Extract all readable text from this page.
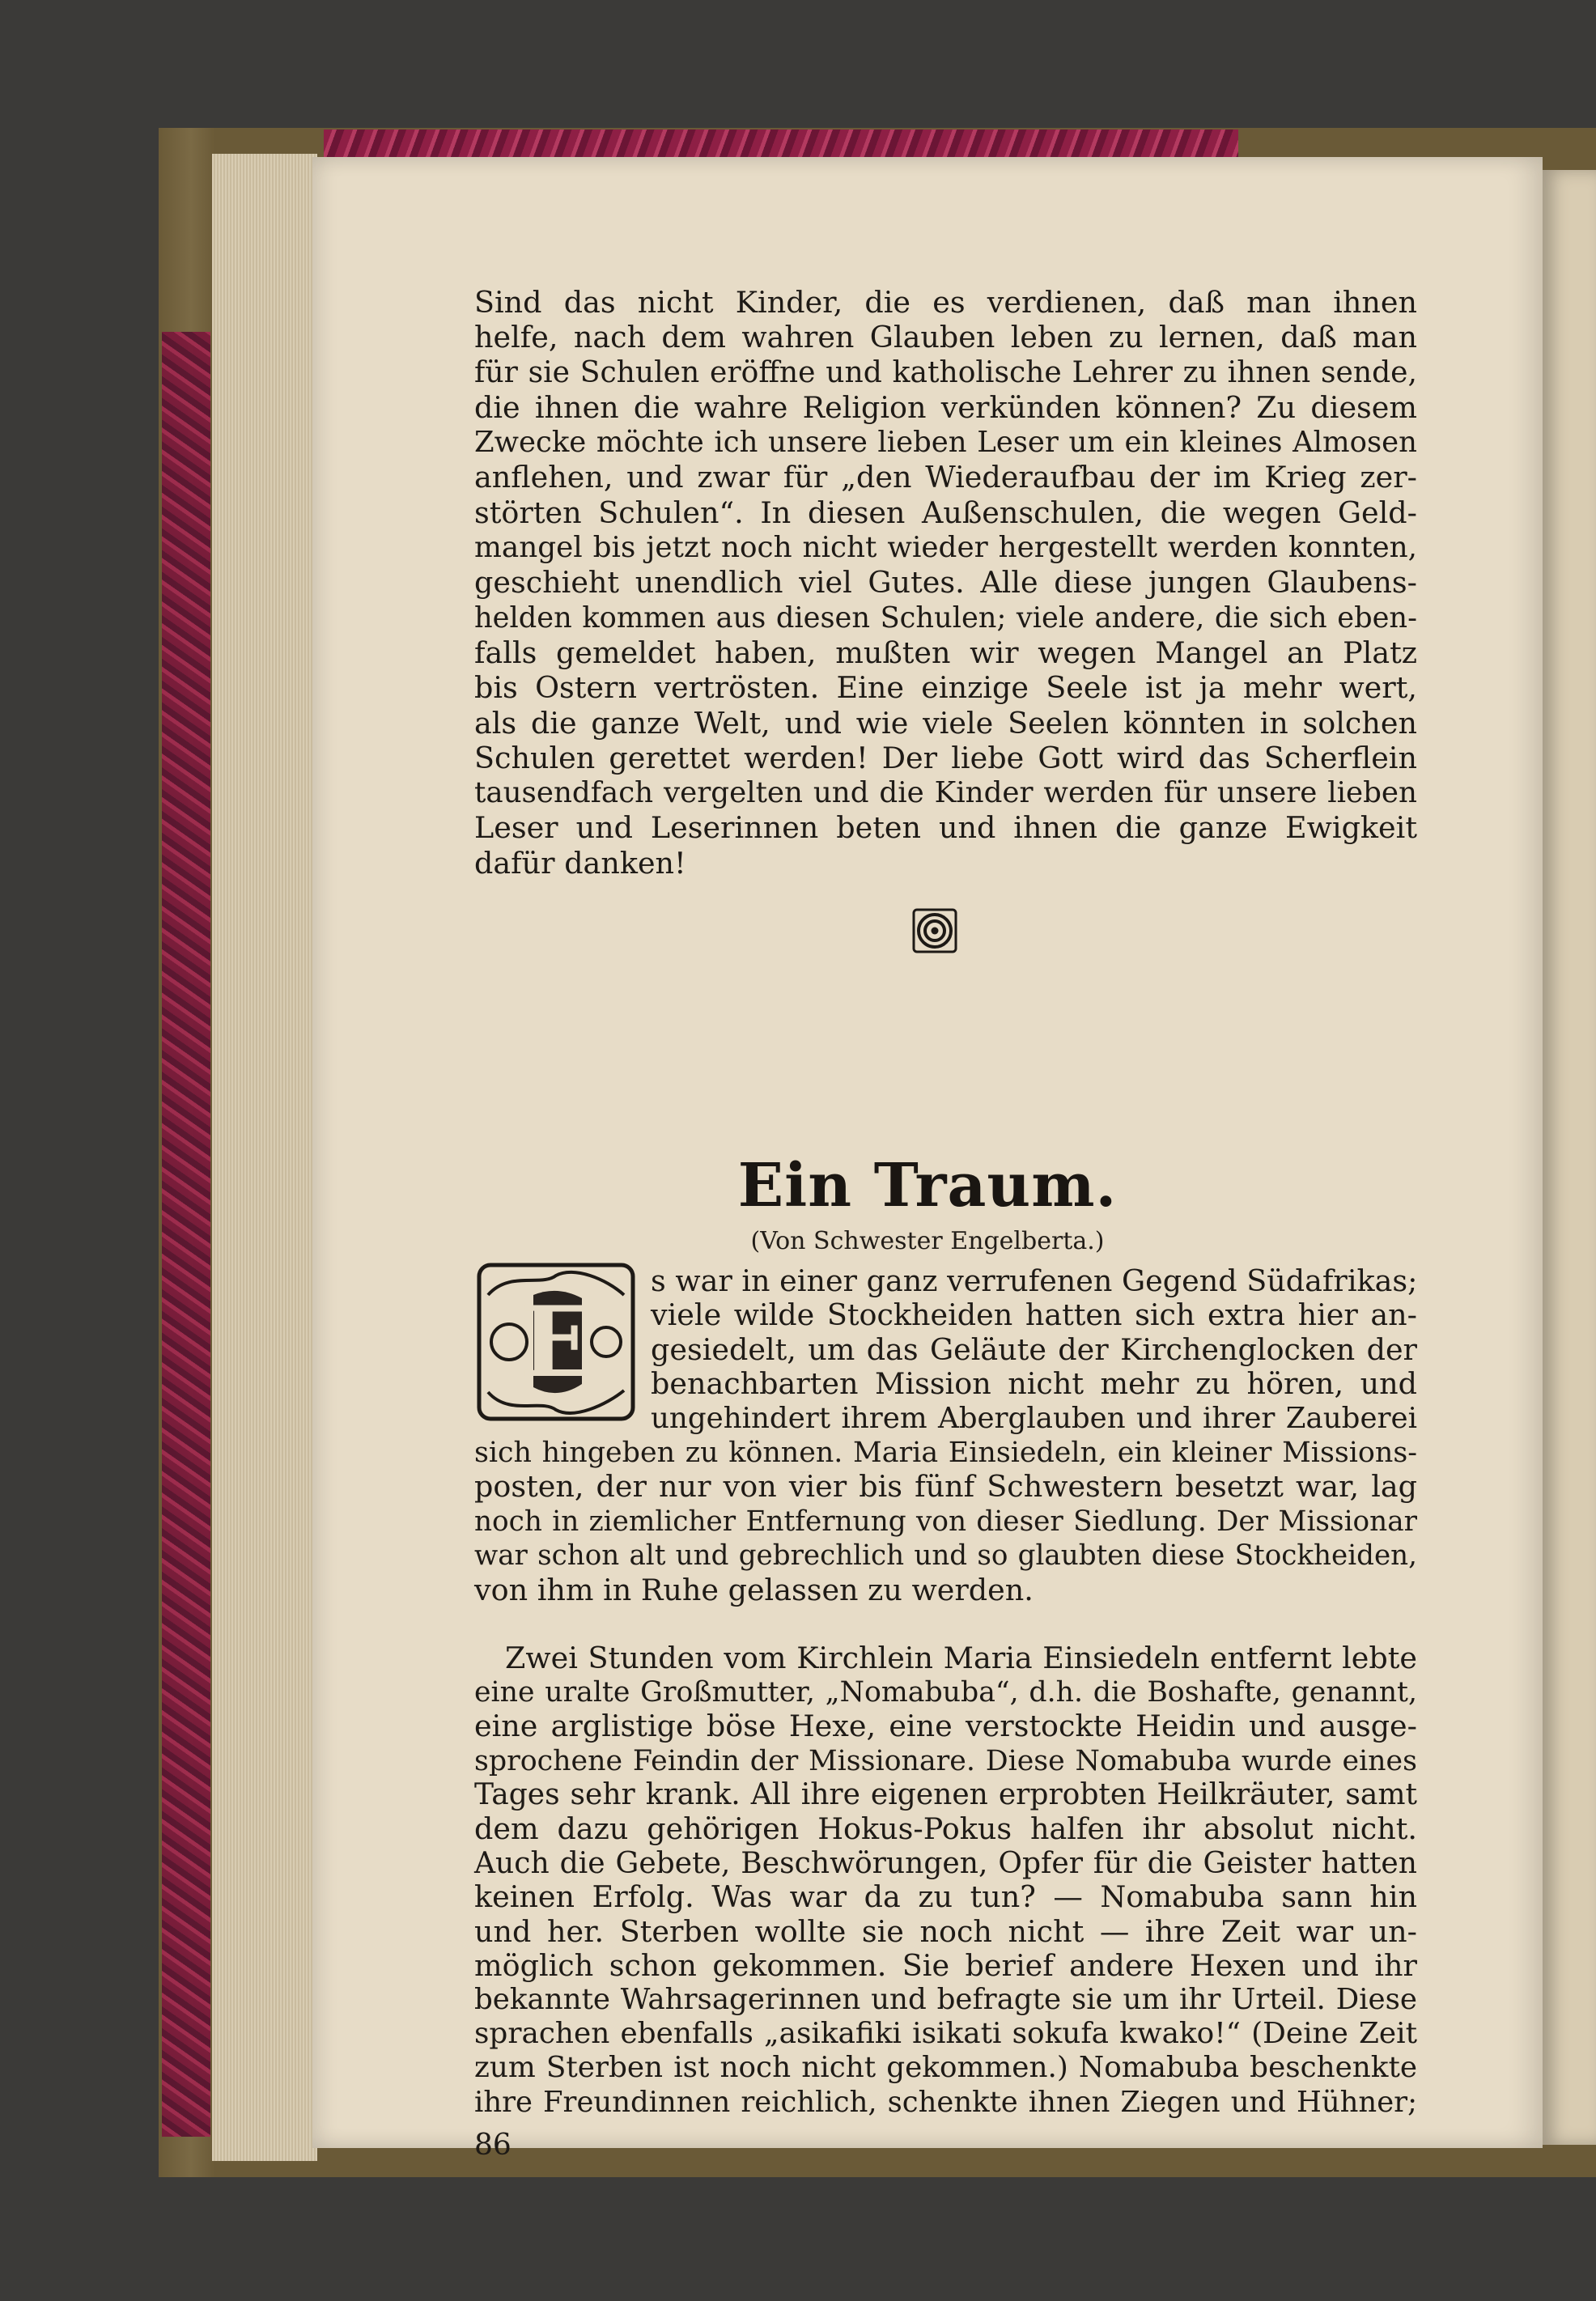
Sind das nicht Kinder, die es verdienen, daß man ihnen
helfe, nach dem wahren Glauben leben zu lernen, daß man
für sie Schulen eröffne und katholische Lehrer zu ihnen sende,
die ihnen die wahre Religion verkünden können? Zu diesem
Zwecke möchte ich unsere lieben Leser um ein kleines Almosen
anflehen, und zwar für „den Wiederaufbau der im Krieg zer-
störten Schulen“. In diesen Außenschulen, die wegen Geld-
mangel bis jetzt noch nicht wieder hergestellt werden konnten,
geschieht unendlich viel Gutes. Alle diese jungen Glaubens-
helden kommen aus diesen Schulen; viele andere, die sich eben-
falls gemeldet haben, mußten wir wegen Mangel an Platz
bis Ostern vertrösten. Eine einzige Seele ist ja mehr wert,
als die ganze Welt, und wie viele Seelen könnten in solchen
Schulen gerettet werden! Der liebe Gott wird das Scherflein
tausendfach vergelten und die Kinder werden für unsere lieben
Leser und Leserinnen beten und ihnen die ganze Ewigkeit
dafür danken!
Ein Traum.
(Von Schwester Engelberta.)
E
s war in einer ganz verrufenen Gegend Südafrikas;
viele wilde Stockheiden hatten sich extra hier an-
gesiedelt, um das Geläute der Kirchenglocken der
benachbarten Mission nicht mehr zu hören, und
ungehindert ihrem Aberglauben und ihrer Zauberei
sich hingeben zu können. Maria Einsiedeln, ein kleiner Missions-
posten, der nur von vier bis fünf Schwestern besetzt war, lag
noch in ziemlicher Entfernung von dieser Siedlung. Der Missionar
war schon alt und gebrechlich und so glaubten diese Stockheiden,
von ihm in Ruhe gelassen zu werden.
Zwei Stunden vom Kirchlein Maria Einsiedeln entfernt lebte
eine uralte Großmutter, „Nomabuba“, d.h. die Boshafte, genannt,
eine arglistige böse Hexe, eine verstockte Heidin und ausge-
sprochene Feindin der Missionare. Diese Nomabuba wurde eines
Tages sehr krank. All ihre eigenen erprobten Heilkräuter, samt
dem dazu gehörigen Hokus-Pokus halfen ihr absolut nicht.
Auch die Gebete, Beschwörungen, Opfer für die Geister hatten
keinen Erfolg. Was war da zu tun? — Nomabuba sann hin
und her. Sterben wollte sie noch nicht — ihre Zeit war un-
möglich schon gekommen. Sie berief andere Hexen und ihr
bekannte Wahrsagerinnen und befragte sie um ihr Urteil. Diese
sprachen ebenfalls „asikafiki isikati sokufa kwako!“ (Deine Zeit
zum Sterben ist noch nicht gekommen.) Nomabuba beschenkte
ihre Freundinnen reichlich, schenkte ihnen Ziegen und Hühner;
86
